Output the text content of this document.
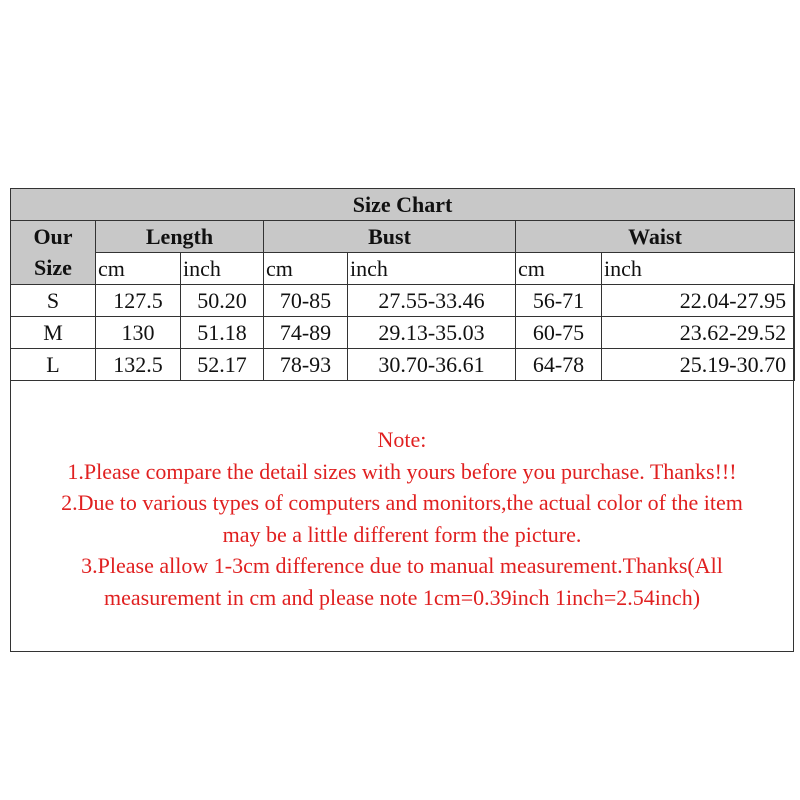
Size Chart						
Our	Length		Bust		Waist	
Size	cm	inch	cm	inch	cm	inch
S	127.5	50.20	70-85	27.55-33.46	56-71	22.04-27.95
M	130	51.18	74-89	29.13-35.03	60-75	23.62-29.52
L	132.5	52.17	78-93	30.70-36.61	64-78	25.19-30.70
Note:
1.Please compare the detail sizes with yours before you purchase. Thanks!!!
2.Due to various types of computers and monitors,the actual color of the item
may be a little different form the picture.
3.Please allow 1-3cm difference due to manual measurement.Thanks(All
measurement in cm and please note 1cm=0.39inch 1inch=2.54inch)
